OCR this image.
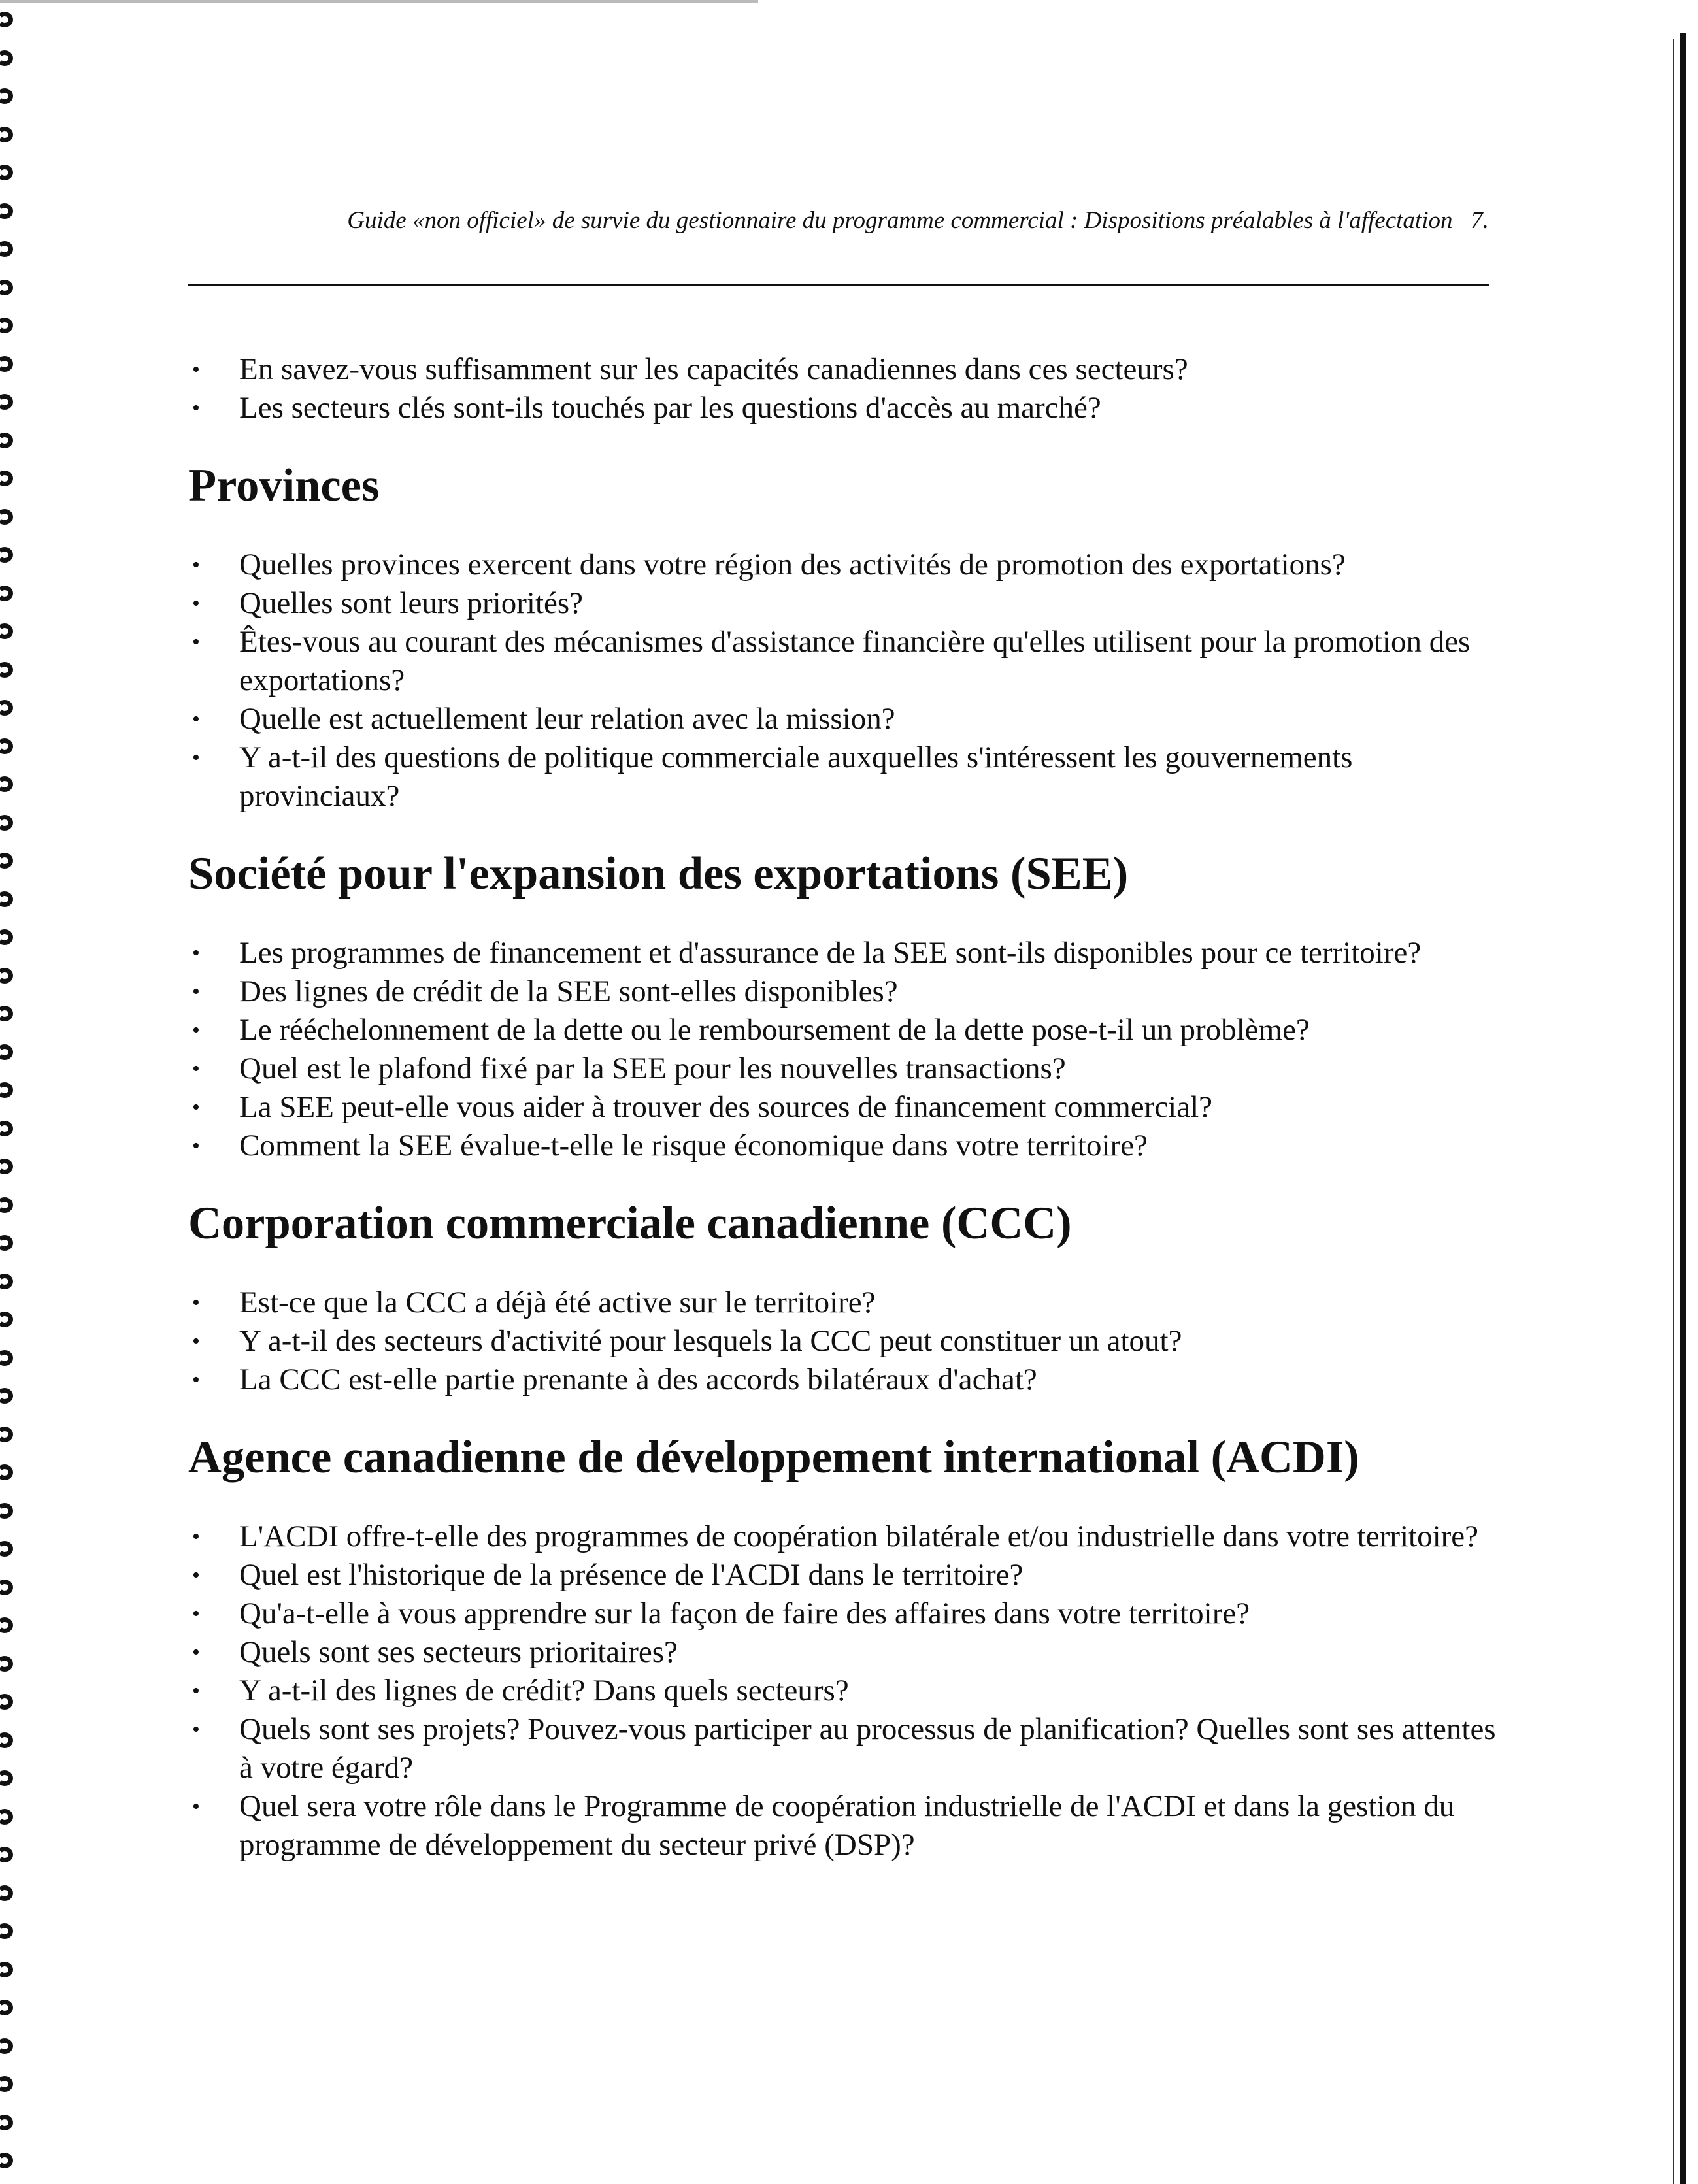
Guide «non officiel» de survie du gestionnaire du programme commercial : Dispositions préalables à l'affectation 7.
• En savez-vous suffisamment sur les capacités canadiennes dans ces secteurs?
• Les secteurs clés sont-ils touchés par les questions d'accès au marché?
Provinces
• Quelles provinces exercent dans votre région des activités de promotion des exportations?
• Quelles sont leurs priorités?
• Êtes-vous au courant des mécanismes d'assistance financière qu'elles utilisent pour la promotion des exportations?
• Quelle est actuellement leur relation avec la mission?
• Y a-t-il des questions de politique commerciale auxquelles s'intéressent les gouvernements provinciaux?
Société pour l'expansion des exportations (SEE)
• Les programmes de financement et d'assurance de la SEE sont-ils disponibles pour ce territoire?
• Des lignes de crédit de la SEE sont-elles disponibles?
• Le rééchelonnement de la dette ou le remboursement de la dette pose-t-il un problème?
• Quel est le plafond fixé par la SEE pour les nouvelles transactions?
• La SEE peut-elle vous aider à trouver des sources de financement commercial?
• Comment la SEE évalue-t-elle le risque économique dans votre territoire?
Corporation commerciale canadienne (CCC)
• Est-ce que la CCC a déjà été active sur le territoire?
• Y a-t-il des secteurs d'activité pour lesquels la CCC peut constituer un atout?
• La CCC est-elle partie prenante à des accords bilatéraux d'achat?
Agence canadienne de développement international (ACDI)
• L'ACDI offre-t-elle des programmes de coopération bilatérale et/ou industrielle dans votre territoire?
• Quel est l'historique de la présence de l'ACDI dans le territoire?
• Qu'a-t-elle à vous apprendre sur la façon de faire des affaires dans votre territoire?
• Quels sont ses secteurs prioritaires?
• Y a-t-il des lignes de crédit? Dans quels secteurs?
• Quels sont ses projets? Pouvez-vous participer au processus de planification? Quelles sont ses attentes à votre égard?
• Quel sera votre rôle dans le Programme de coopération industrielle de l'ACDI et dans la gestion du programme de développement du secteur privé (DSP)?
